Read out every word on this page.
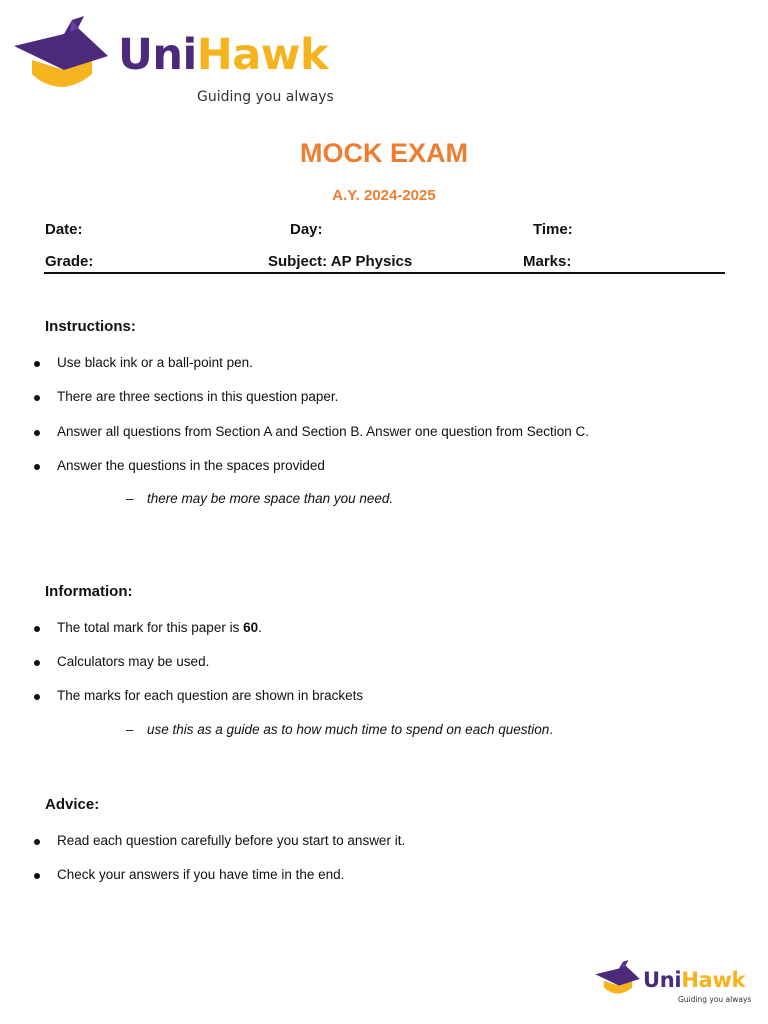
UniHawk
Guiding you always
MOCK EXAM
A.Y. 2024-2025
Date:	Day:	Time:
Grade:	Subject: AP Physics	Marks:
Instructions:
Use black ink or a ball-point pen.
There are three sections in this question paper.
Answer all questions from Section A and Section B. Answer one question from Section C.
Answer the questions in the spaces provided
– there may be more space than you need.
Information:
The total mark for this paper is 60.
Calculators may be used.
The marks for each question are shown in brackets
– use this as a guide as to how much time to spend on each question.
Advice:
Read each question carefully before you start to answer it.
Check your answers if you have time in the end.
UniHawk
Guiding you always
